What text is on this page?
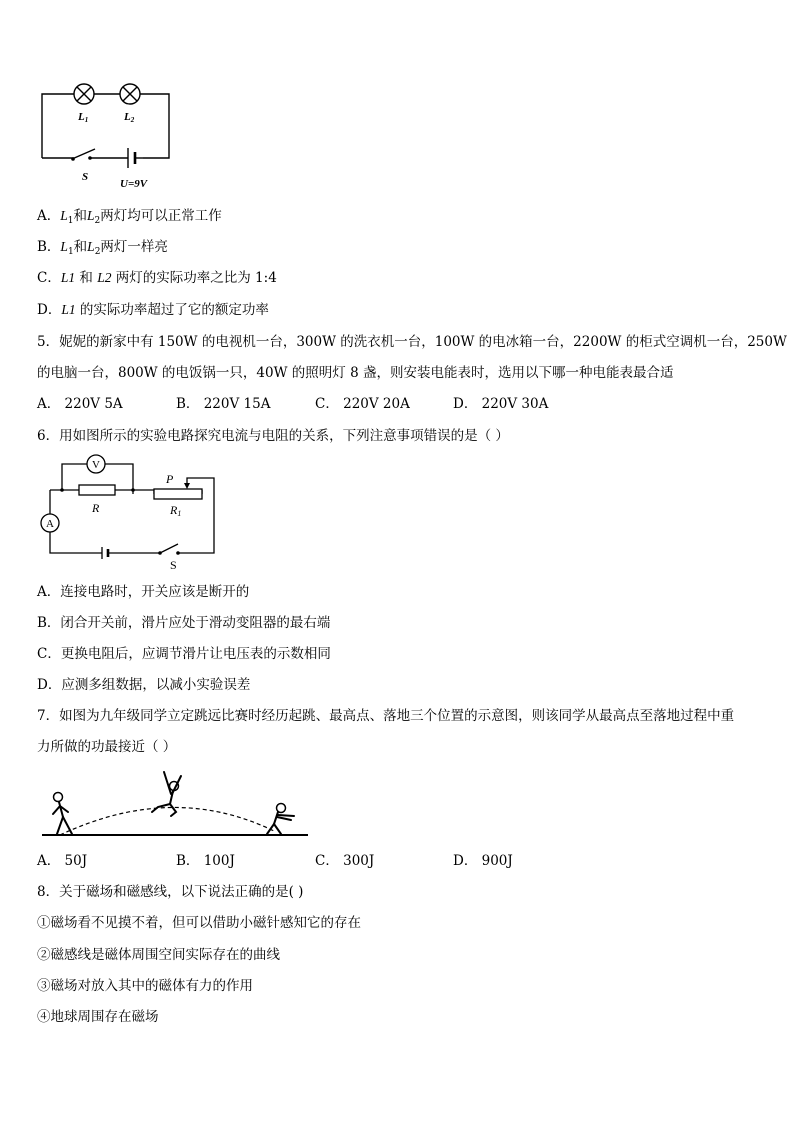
L1	L2
S
U=9V
A．$L_1$和$L_2$两灯均可以正常工作
B．$L_1$和$L_2$两灯一样亮
C．L1 和 L2 两灯的实际功率之比为 1:4
D．L1 的实际功率超过了它的额定功率
5．妮妮的新家中有 150W 的电视机一台，300W 的洗衣机一台，100W 的电冰箱一台，2200W 的柜式空调机一台，250W
的电脑一台，800W 的电饭锅一只，40W 的照明灯 8 盏，则安装电能表时，选用以下哪一种电能表最合适
A． 220V 5A	B． 220V 15A	C． 220V 20A	D． 220V 30A
6．用如图所示的实验电路探究电流与电阻的关系，下列注意事项错误的是（ ）
V
A
R	R1
P
S
A．连接电路时，开关应该是断开的
B．闭合开关前，滑片应处于滑动变阻器的最右端
C．更换电阻后，应调节滑片让电压表的示数相同
D．应测多组数据，以减小实验误差
7．如图为九年级同学立定跳远比赛时经历起跳、最高点、落地三个位置的示意图，则该同学从最高点至落地过程中重
力所做的功最接近（ ）
A． 50J	B． 100J	C． 300J	D． 900J
8．关于磁场和磁感线，以下说法正确的是( )
①磁场看不见摸不着，但可以借助小磁针感知它的存在
②磁感线是磁体周围空间实际存在的曲线
③磁场对放入其中的磁体有力的作用
④地球周围存在磁场
